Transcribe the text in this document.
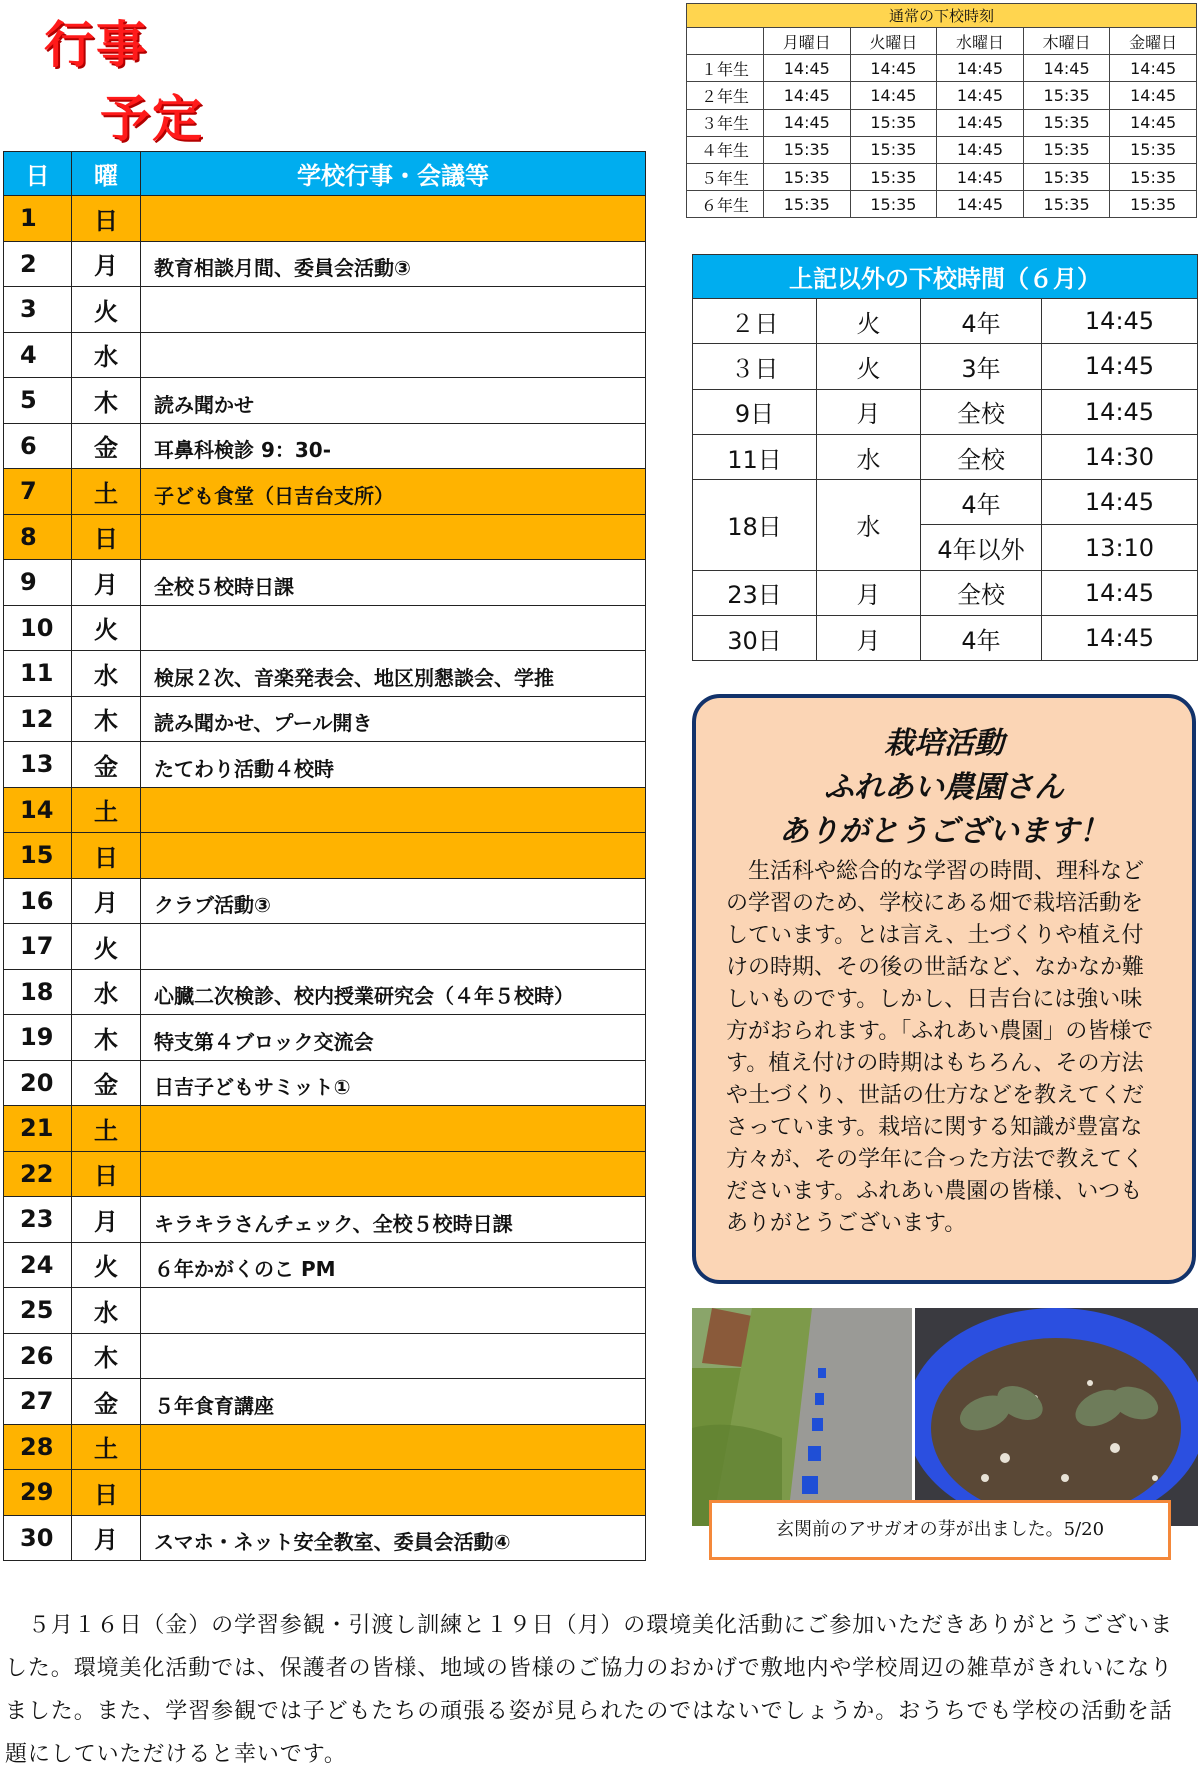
行事
予定
日	曜	学校行事・会議等
1	日	
2	月	教育相談月間、委員会活動③
3	火	
4	水	
5	木	読み聞かせ
6	金	耳鼻科検診 9：30-
7	土	子ども食堂（日吉台支所）
8	日	
9	月	全校５校時日課
10	火	
11	水	検尿２次、音楽発表会、地区別懇談会、学推
12	木	読み聞かせ、プール開き
13	金	たてわり活動４校時
14	土	
15	日	
16	月	クラブ活動③
17	火	
18	水	心臓二次検診、校内授業研究会（４年５校時）
19	木	特支第４ブロック交流会
20	金	日吉子どもサミット①
21	土	
22	日	
23	月	キラキラさんチェック、全校５校時日課
24	火	６年かがくのこ PM
25	水	
26	木	
27	金	５年食育講座
28	土	
29	日	
30	月	スマホ・ネット安全教室、委員会活動④
通常の下校時刻					
	月曜日	火曜日	水曜日	木曜日	金曜日
１年生	14:45	14:45	14:45	14:45	14:45
２年生	14:45	14:45	14:45	15:35	14:45
３年生	14:45	15:35	14:45	15:35	14:45
４年生	15:35	15:35	14:45	15:35	15:35
５年生	15:35	15:35	14:45	15:35	15:35
６年生	15:35	15:35	14:45	15:35	15:35
上記以外の下校時間（６月）			
２日	火	4年	14:45
３日	火	3年	14:45
9日	月	全校	14:45
11日	水	全校	14:30
18日	水	4年	14:45
		4年以外	13:10
23日	月	全校	14:45
30日	月	4年	14:45
栽培活動
ふれあい農園さん
ありがとうございます！
　生活科や総合的な学習の時間、理科などの学習のため、学校にある畑で栽培活動をしています。とは言え、土づくりや植え付けの時期、その後の世話など、なかなか難しいものです。しかし、日吉台には強い味方がおられます。「ふれあい農園」の皆様です。植え付けの時期はもちろん、その方法や土づくり、世話の仕方などを教えてくださっています。栽培に関する知識が豊富な方々が、その学年に合った方法で教えてくださいます。ふれあい農園の皆様、いつもありがとうございます。
玄関前のアサガオの芽が出ました。5/20
　５月１６日（金）の学習参観・引渡し訓練と１９日（月）の環境美化活動にご参加いただきありがとうございました。環境美化活動では、保護者の皆様、地域の皆様のご協力のおかげで敷地内や学校周辺の雑草がきれいになりました。また、学習参観では子どもたちの頑張る姿が見られたのではないでしょうか。おうちでも学校の活動を話題にしていただけると幸いです。
